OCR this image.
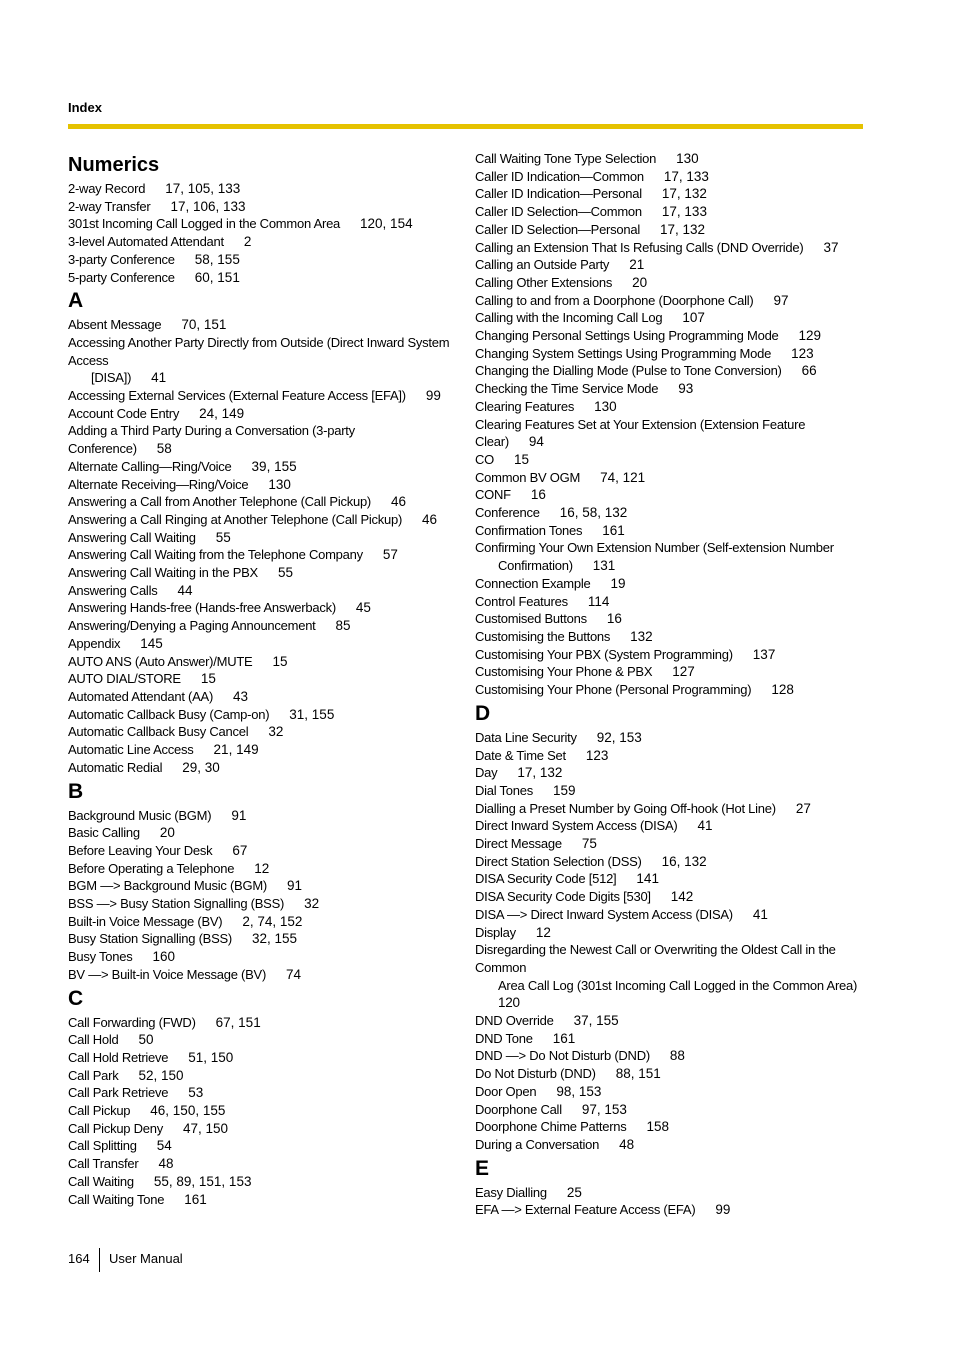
Index
Numerics
2-way Record 17, 105, 133
2-way Transfer 17, 106, 133
301st Incoming Call Logged in the Common Area 120, 154
3-level Automated Attendant 2
3-party Conference 58, 155
5-party Conference 60, 151
A
Absent Message 70, 151
Accessing Another Party Directly from Outside (Direct Inward System Access
[DISA]) 41
Accessing External Services (External Feature Access [EFA]) 99
Account Code Entry 24, 149
Adding a Third Party During a Conversation (3-party Conference) 58
Alternate Calling—Ring/Voice 39, 155
Alternate Receiving—Ring/Voice 130
Answering a Call from Another Telephone (Call Pickup) 46
Answering a Call Ringing at Another Telephone (Call Pickup) 46
Answering Call Waiting 55
Answering Call Waiting from the Telephone Company 57
Answering Call Waiting in the PBX 55
Answering Calls 44
Answering Hands-free (Hands-free Answerback) 45
Answering/Denying a Paging Announcement 85
Appendix 145
AUTO ANS (Auto Answer)/MUTE 15
AUTO DIAL/STORE 15
Automated Attendant (AA) 43
Automatic Callback Busy (Camp-on) 31, 155
Automatic Callback Busy Cancel 32
Automatic Line Access 21, 149
Automatic Redial 29, 30
B
Background Music (BGM) 91
Basic Calling 20
Before Leaving Your Desk 67
Before Operating a Telephone 12
BGM —> Background Music (BGM) 91
BSS —> Busy Station Signalling (BSS) 32
Built-in Voice Message (BV) 2, 74, 152
Busy Station Signalling (BSS) 32, 155
Busy Tones 160
BV —> Built-in Voice Message (BV) 74
C
Call Forwarding (FWD) 67, 151
Call Hold 50
Call Hold Retrieve 51, 150
Call Park 52, 150
Call Park Retrieve 53
Call Pickup 46, 150, 155
Call Pickup Deny 47, 150
Call Splitting 54
Call Transfer 48
Call Waiting 55, 89, 151, 153
Call Waiting Tone 161
Call Waiting Tone Type Selection 130
Caller ID Indication—Common 17, 133
Caller ID Indication—Personal 17, 132
Caller ID Selection—Common 17, 133
Caller ID Selection—Personal 17, 132
Calling an Extension That Is Refusing Calls (DND Override) 37
Calling an Outside Party 21
Calling Other Extensions 20
Calling to and from a Doorphone (Doorphone Call) 97
Calling with the Incoming Call Log 107
Changing Personal Settings Using Programming Mode 129
Changing System Settings Using Programming Mode 123
Changing the Dialling Mode (Pulse to Tone Conversion) 66
Checking the Time Service Mode 93
Clearing Features 130
Clearing Features Set at Your Extension (Extension Feature Clear) 94
CO 15
Common BV OGM 74, 121
CONF 16
Conference 16, 58, 132
Confirmation Tones 161
Confirming Your Own Extension Number (Self-extension Number
Confirmation) 131
Connection Example 19
Control Features 114
Customised Buttons 16
Customising the Buttons 132
Customising Your PBX (System Programming) 137
Customising Your Phone & PBX 127
Customising Your Phone (Personal Programming) 128
D
Data Line Security 92, 153
Date & Time Set 123
Day 17, 132
Dial Tones 159
Dialling a Preset Number by Going Off-hook (Hot Line) 27
Direct Inward System Access (DISA) 41
Direct Message 75
Direct Station Selection (DSS) 16, 132
DISA Security Code [512] 141
DISA Security Code Digits [530] 142
DISA —> Direct Inward System Access (DISA) 41
Display 12
Disregarding the Newest Call or Overwriting the Oldest Call in the Common
Area Call Log (301st Incoming Call Logged in the Common Area)
120
DND Override 37, 155
DND Tone 161
DND —> Do Not Disturb (DND) 88
Do Not Disturb (DND) 88, 151
Door Open 98, 153
Doorphone Call 97, 153
Doorphone Chime Patterns 158
During a Conversation 48
E
Easy Dialling 25
EFA —> External Feature Access (EFA) 99
164 User Manual
